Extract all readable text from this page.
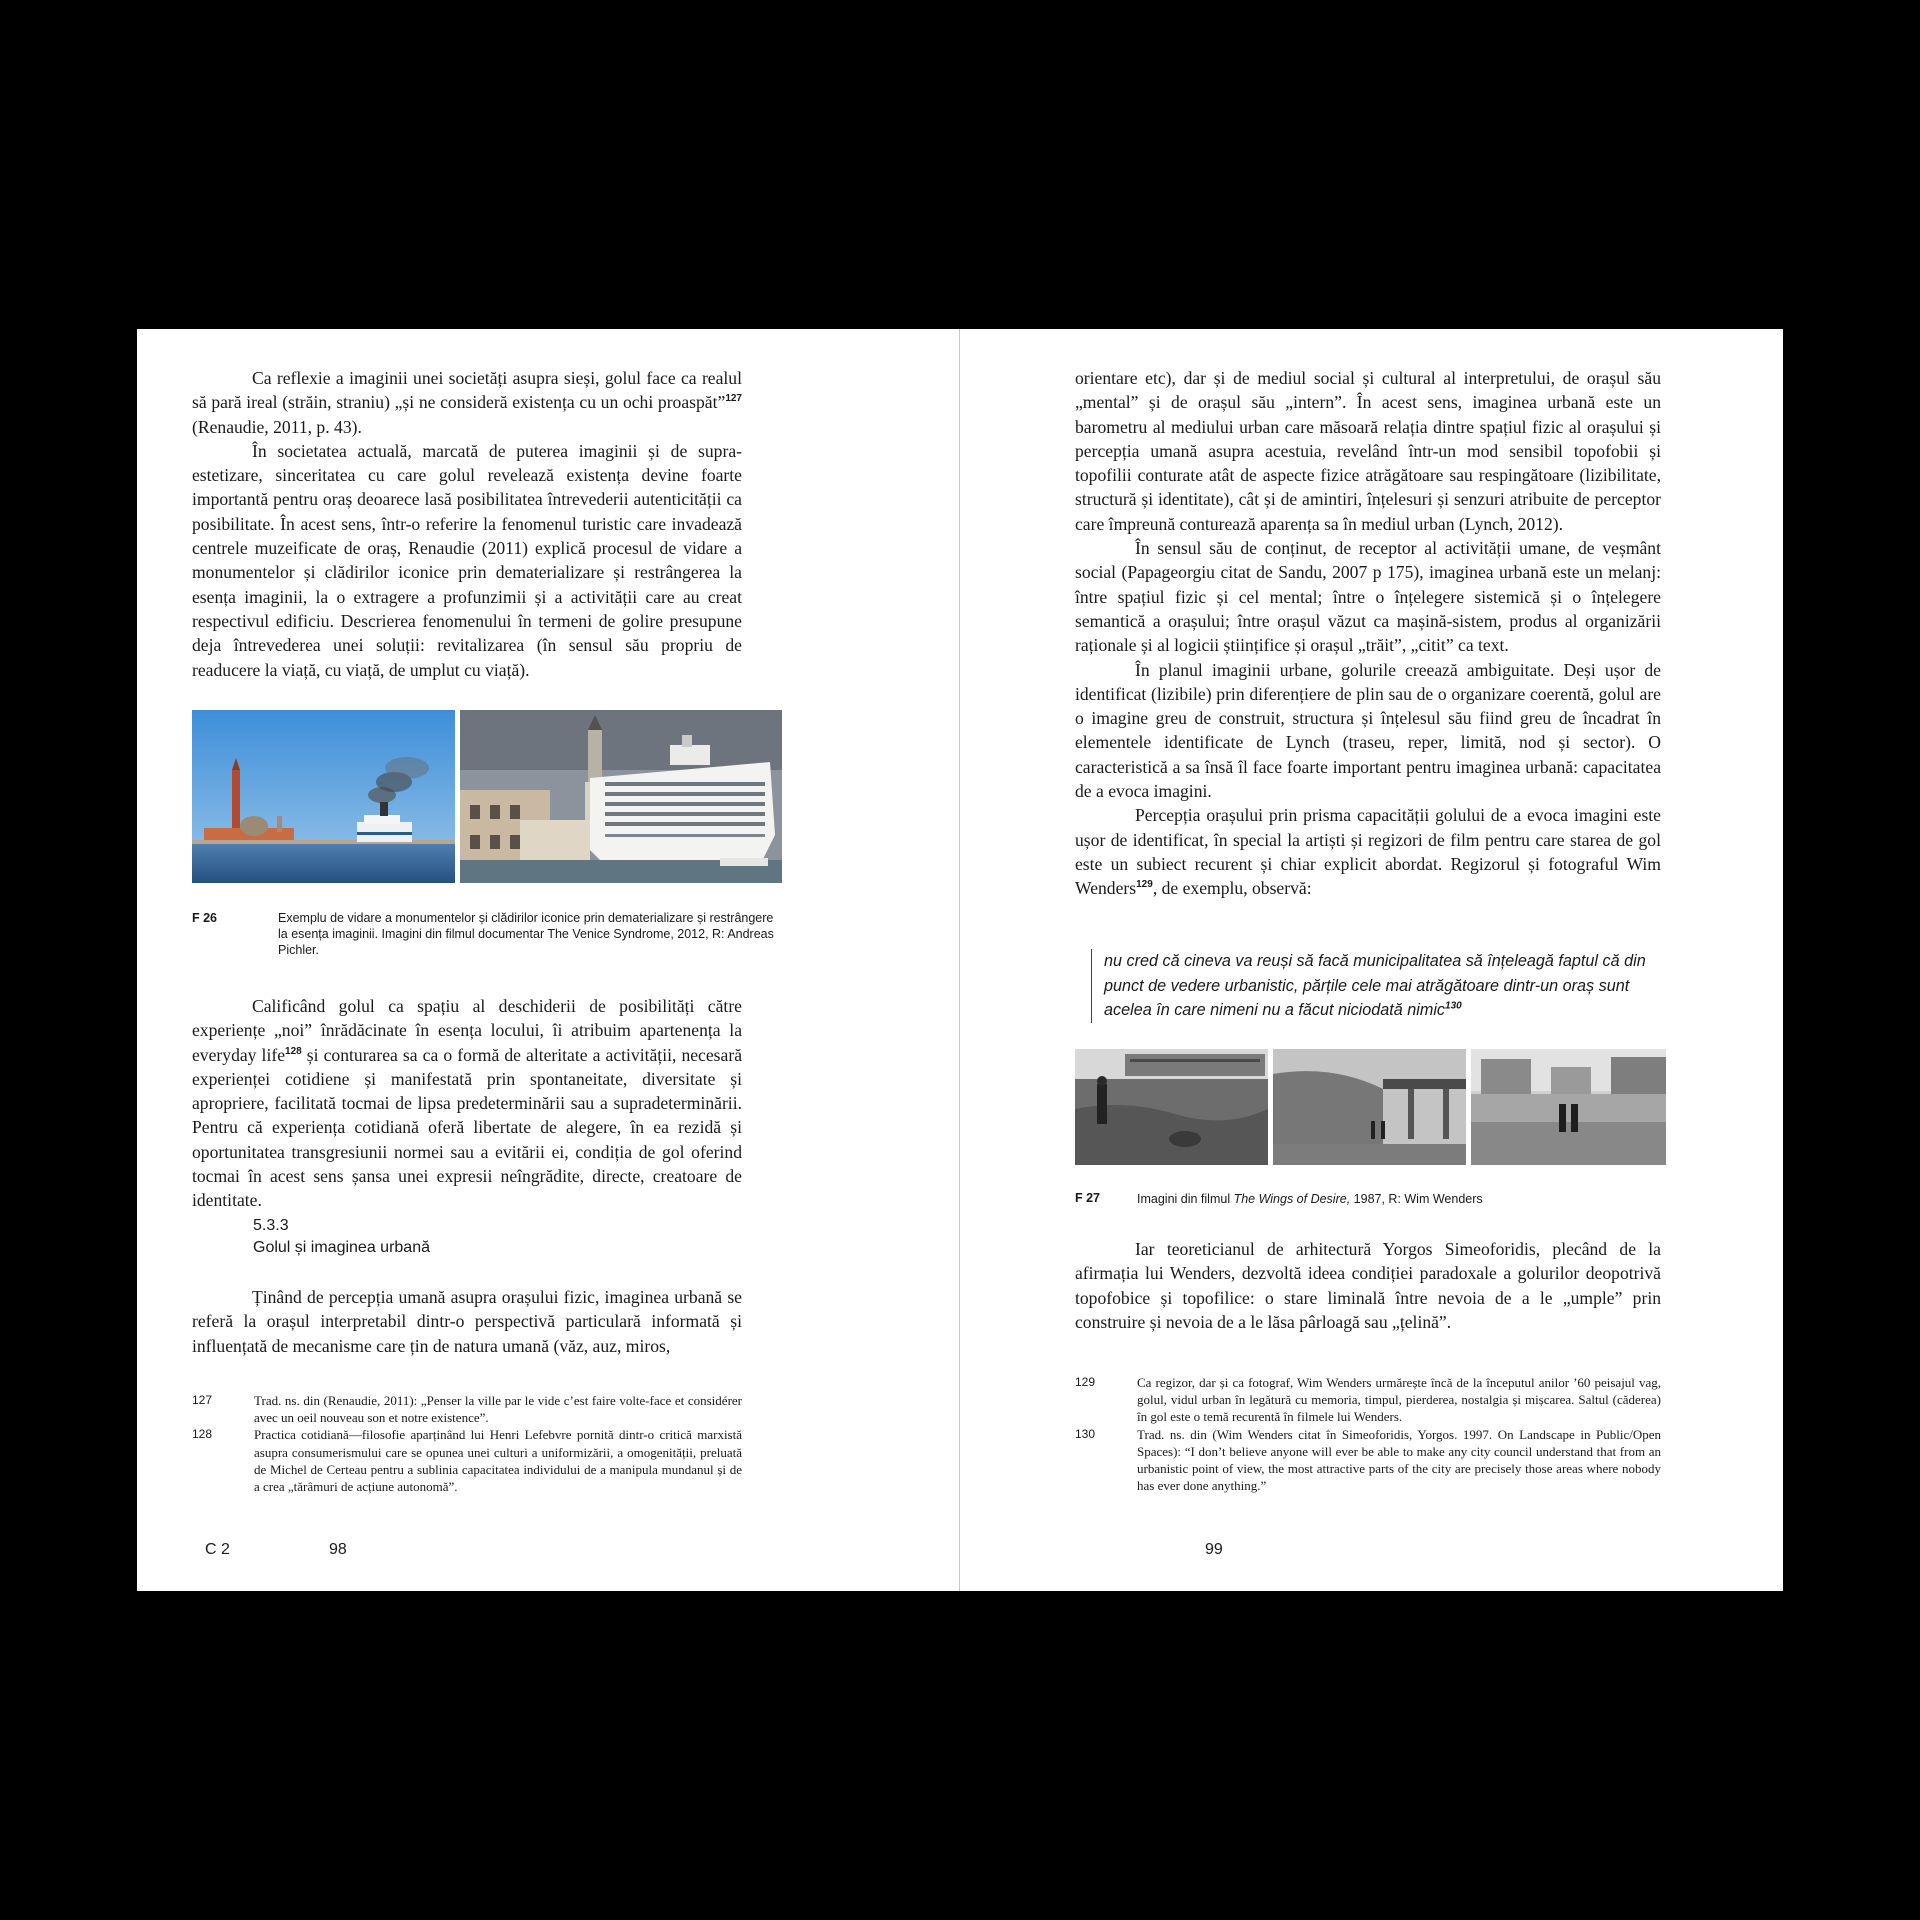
Ca reflexie a imaginii unei societăți asupra sieși, golul face ca realul să pară ireal (străin, straniu) „și ne consideră existența cu un ochi proaspăt”$^{127}$ (Renaudie, 2011, p. 43).

În societatea actuală, marcată de puterea imaginii și de supra-estetizare, sinceritatea cu care golul revelează existența devine foarte importantă pentru oraș deoarece lasă posibilitatea întrevederii autenticității ca posibilitate. În acest sens, într-o referire la fenomenul turistic care invadează centrele muzeificate de oraș, Renaudie (2011) explică procesul de vidare a monumentelor și clădirilor iconice prin dematerializare și restrângerea la esența imaginii, la o extragere a profunzimii și a activității care au creat respectivul edificiu. Descrierea fenomenului în termeni de golire presupune deja întrevederea unei soluții: revitalizarea (în sensul său propriu de readucere la viață, cu viață, de umplut cu viață).

F 26	Exemplu de vidare a monumentelor și clădirilor iconice prin dematerializare și restrângere la esența imaginii. Imagini din filmul documentar The Venice Syndrome, 2012, R: Andreas Pichler.

Calificând golul ca spațiu al deschiderii de posibilități către experiențe „noi” înrădăcinate în esența locului, îi atribuim apartenența la everyday life$^{128}$ și conturarea sa ca o formă de alteritate a activității, necesară experienței cotidiene și manifestată prin spontaneitate, diversitate și apropriere, facilitată tocmai de lipsa predeterminării sau a supradeterminării. Pentru că experiența cotidiană oferă libertate de alegere, în ea rezidă și oportunitatea transgresiunii normei sau a evitării ei, condiția de gol oferind tocmai în acest sens șansa unei expresii neîngrădite, directe, creatoare de identitate.

5.3.3
Golul și imaginea urbană

Ținând de percepția umană asupra orașului fizic, imaginea urbană se referă la orașul interpretabil dintr-o perspectivă particulară informată și influențată de mecanisme care țin de natura umană (văz, auz, miros,

127	Trad. ns. din (Renaudie, 2011): „Penser la ville par le vide c’est faire volte-face et considérer avec un oeil nouveau son et notre existence”.
128	Practica cotidiană—filosofie aparținând lui Henri Lefebvre pornită dintr-o critică marxistă asupra consumerismului care se opunea unei culturi a uniformizării, a omogenității, preluată de Michel de Certeau pentru a sublinia capacitatea individului de a manipula mundanul și de a crea „tărâmuri de acțiune autonomă”.
C 2	98

orientare etc), dar și de mediul social și cultural al interpretului, de orașul său „mental” și de orașul său „intern”. În acest sens, imaginea urbană este un barometru al mediului urban care măsoară relația dintre spațiul fizic al orașului și percepția umană asupra acestuia, revelând într-un mod sensibil topofobii și topofilii conturate atât de aspecte fizice atrăgătoare sau respingătoare (lizibilitate, structură și identitate), cât și de amintiri, înțelesuri și senzuri atribuite de perceptor care împreună conturează aparența sa în mediul urban (Lynch, 2012).

În sensul său de conținut, de receptor al activității umane, de veșmânt social (Papageorgiu citat de Sandu, 2007 p 175), imaginea urbană este un melanj: între spațiul fizic și cel mental; între o înțelegere sistemică și o înțelegere semantică a orașului; între orașul văzut ca mașină-sistem, produs al organizării raționale și al logicii științifice și orașul „trăit”, „citit” ca text.

În planul imaginii urbane, golurile creează ambiguitate. Deși ușor de identificat (lizibile) prin diferențiere de plin sau de o organizare coerentă, golul are o imagine greu de construit, structura și înțelesul său fiind greu de încadrat în elementele identificate de Lynch (traseu, reper, limită, nod și sector). O caracteristică a sa însă îl face foarte important pentru imaginea urbană: capacitatea de a evoca imagini.

Percepția orașului prin prisma capacității golului de a evoca imagini este ușor de identificat, în special la artiști și regizori de film pentru care starea de gol este un subiect recurent și chiar explicit abordat. Regizorul și fotograful Wim Wenders$^{129}$, de exemplu, observă:

nu cred că cineva va reuși să facă municipalitatea să înțeleagă faptul că din punct de vedere urbanistic, părțile cele mai atrăgătoare dintr-un oraș sunt acelea în care nimeni nu a făcut niciodată nimic$^{130}$
F 27	Imagini din filmul The Wings of Desire, 1987, R: Wim Wenders

Iar teoreticianul de arhitectură Yorgos Simeoforidis, plecând de la afirmația lui Wenders, dezvoltă ideea condiției paradoxale a golurilor deopotrivă topofobice și topofilice: o stare liminală între nevoia de a le „umple” prin construire și nevoia de a le lăsa pârloagă sau „țelină”.

129	Ca regizor, dar și ca fotograf, Wim Wenders urmărește încă de la începutul anilor ’60 peisajul vag, golul, vidul urban în legătură cu memoria, timpul, pierderea, nostalgia și mișcarea. Saltul (căderea) în gol este o temă recurentă în filmele lui Wenders.
130	Trad. ns. din (Wim Wenders citat în Simeoforidis, Yorgos. 1997. On Landscape in Public/Open Spaces): “I don’t believe anyone will ever be able to make any city council understand that from an urbanistic point of view, the most attractive parts of the city are precisely those areas where nobody has ever done anything.”
99
